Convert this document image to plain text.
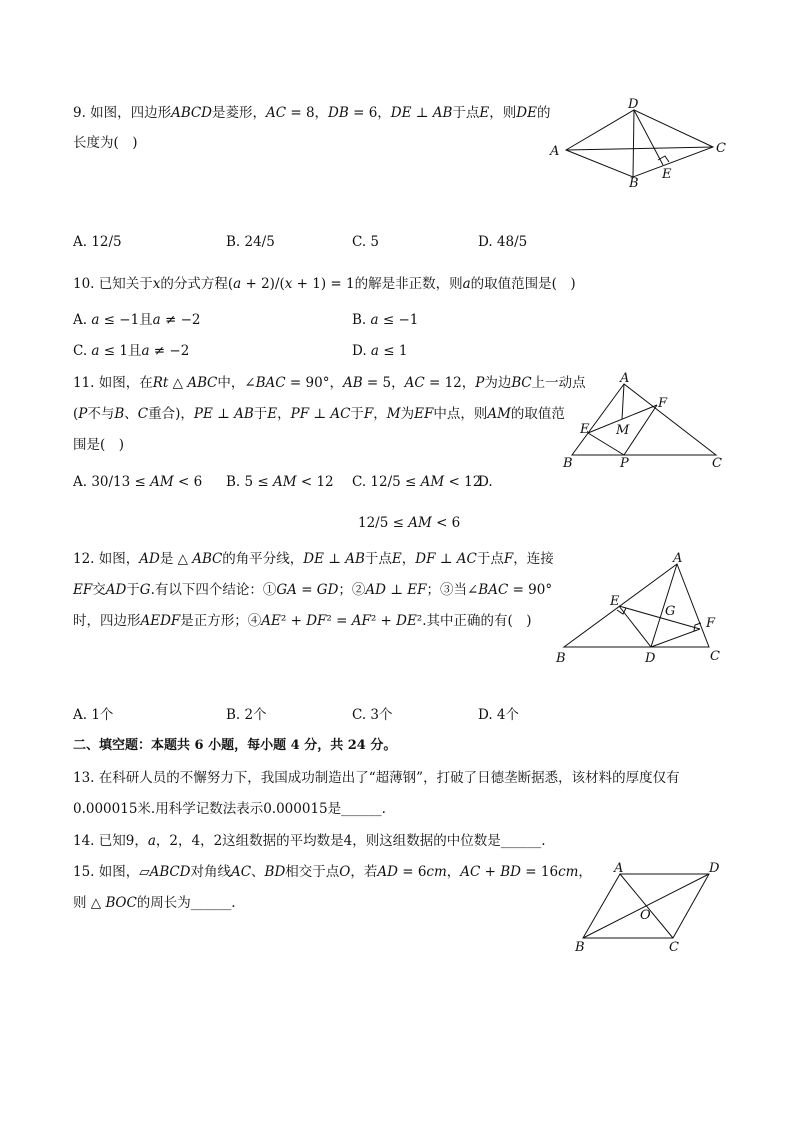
9. 如图，四边形𝐴𝐵𝐶𝐷是菱形，𝐴𝐶 = 8，𝐷𝐵 = 6，𝐷𝐸 ⊥ 𝐴𝐵于点𝐸，则𝐷𝐸的
长度为(　)
D
A	C
B
E
A. 12/5	B. 24/5	C. 5	D. 48/5
10. 已知关于𝑥的分式方程(𝑎 + 2)/(𝑥 + 1) = 1的解是非正数，则𝑎的取值范围是(　)
A. 𝑎 ≤ −1且𝑎 ≠ −2	B. 𝑎 ≤ −1
C. 𝑎 ≤ 1且𝑎 ≠ −2	D. 𝑎 ≤ 1
11. 如图，在𝑅𝑡 △ 𝐴𝐵𝐶中，∠𝐵𝐴𝐶 = 90°，𝐴𝐵 = 5，𝐴𝐶 = 12，𝑃为边𝐵𝐶上一动点
(𝑃不与𝐵、𝐶重合)，𝑃𝐸 ⊥ 𝐴𝐵于𝐸，𝑃𝐹 ⊥ 𝐴𝐶于𝐹，𝑀为𝐸𝐹中点，则𝐴𝑀的取值范
围是(　)
A
F
E M
B	P	C
A. 30/13 ≤ 𝐴𝑀 < 6 B. 5 ≤ 𝐴𝑀 < 12 C. 12/5 ≤ 𝐴𝑀 < 12
D.
12/5 ≤ 𝐴𝑀 < 6
12. 如图，𝐴𝐷是 △ 𝐴𝐵𝐶的角平分线，𝐷𝐸 ⊥ 𝐴𝐵于点𝐸，𝐷𝐹 ⊥ 𝐴𝐶于点𝐹，连接
𝐸𝐹交𝐴𝐷于𝐺.有以下四个结论：①𝐺𝐴 = 𝐺𝐷；②𝐴𝐷 ⊥ 𝐸𝐹；③当∠𝐵𝐴𝐶 = 90°
时，四边形𝐴𝐸𝐷𝐹是正方形；④𝐴𝐸² + 𝐷𝐹² = 𝐴𝐹² + 𝐷𝐸².其中正确的有(　)
A
E
G
F
B	D	C
A. 1个	B. 2个	C. 3个	D. 4个
二、填空题：本题共 6 小题，每小题 4 分，共 24 分。
13. 在科研人员的不懈努力下，我国成功制造出了“超薄钢”，打破了日德垄断据悉，该材料的厚度仅有
0.000015米.用科学记数法表示0.000015是______.
14. 已知9，𝑎，2，4，2这组数据的平均数是4，则这组数据的中位数是______.
15. 如图，▱𝐴𝐵𝐶𝐷对角线𝐴𝐶、𝐵𝐷相交于点𝑂，若𝐴𝐷 = 6𝑐𝑚，𝐴𝐶 + 𝐵𝐷 = 16𝑐𝑚，
则 △ 𝐵𝑂𝐶的周长为______.
A	D
O
B	C
